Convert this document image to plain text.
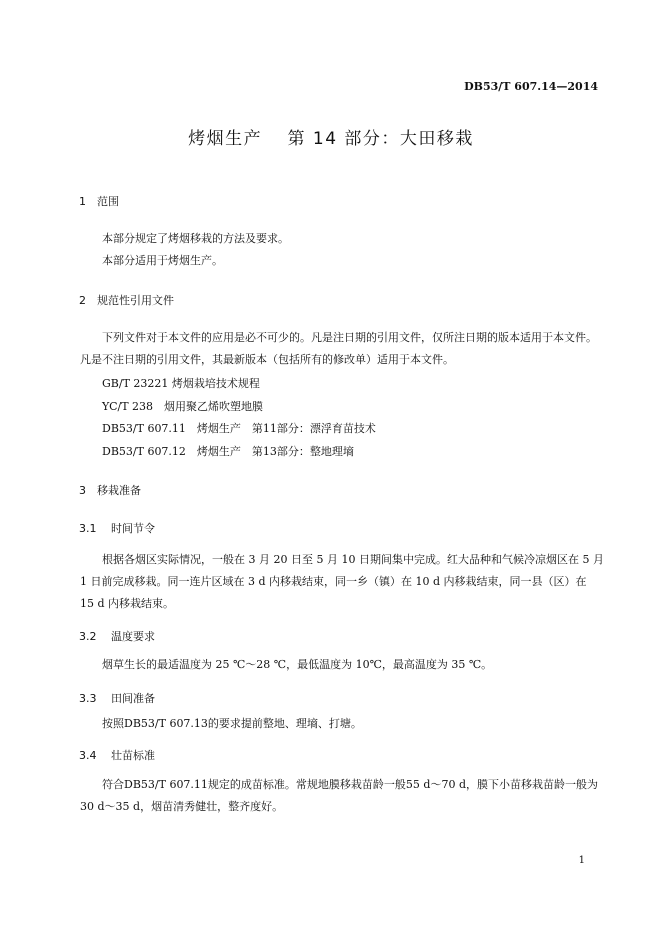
DB53/T 607.14—2014
烤烟生产　 第 14 部分：大田移栽
1 范围
本部分规定了烤烟移栽的方法及要求。
本部分适用于烤烟生产。
2 规范性引用文件
下列文件对于本文件的应用是必不可少的。凡是注日期的引用文件，仅所注日期的版本适用于本文件。凡是不注日期的引用文件，其最新版本（包括所有的修改单）适用于本文件。
GB/T 23221 烤烟栽培技术规程
YC/T 238　烟用聚乙烯吹塑地膜
DB53/T 607.11　烤烟生产　第11部分：漂浮育苗技术
DB53/T 607.12　烤烟生产　第13部分：整地理墒
3 移栽准备
3.1 时间节令
根据各烟区实际情况，一般在 3 月 20 日至 5 月 10 日期间集中完成。红大品种和气候冷凉烟区在 5 月 1 日前完成移栽。同一连片区域在 3 d 内移栽结束，同一乡（镇）在 10 d 内移栽结束，同一县（区）在 15 d 内移栽结束。
3.2 温度要求
烟草生长的最适温度为 25 ℃～28 ℃，最低温度为 10℃，最高温度为 35 ℃。
3.3 田间准备
按照DB53/T 607.13的要求提前整地、理墒、打塘。
3.4 壮苗标准
符合DB53/T 607.11规定的成苗标准。常规地膜移栽苗龄一般55 d～70 d，膜下小苗移栽苗龄一般为30 d～35 d，烟苗清秀健壮，整齐度好。
1
